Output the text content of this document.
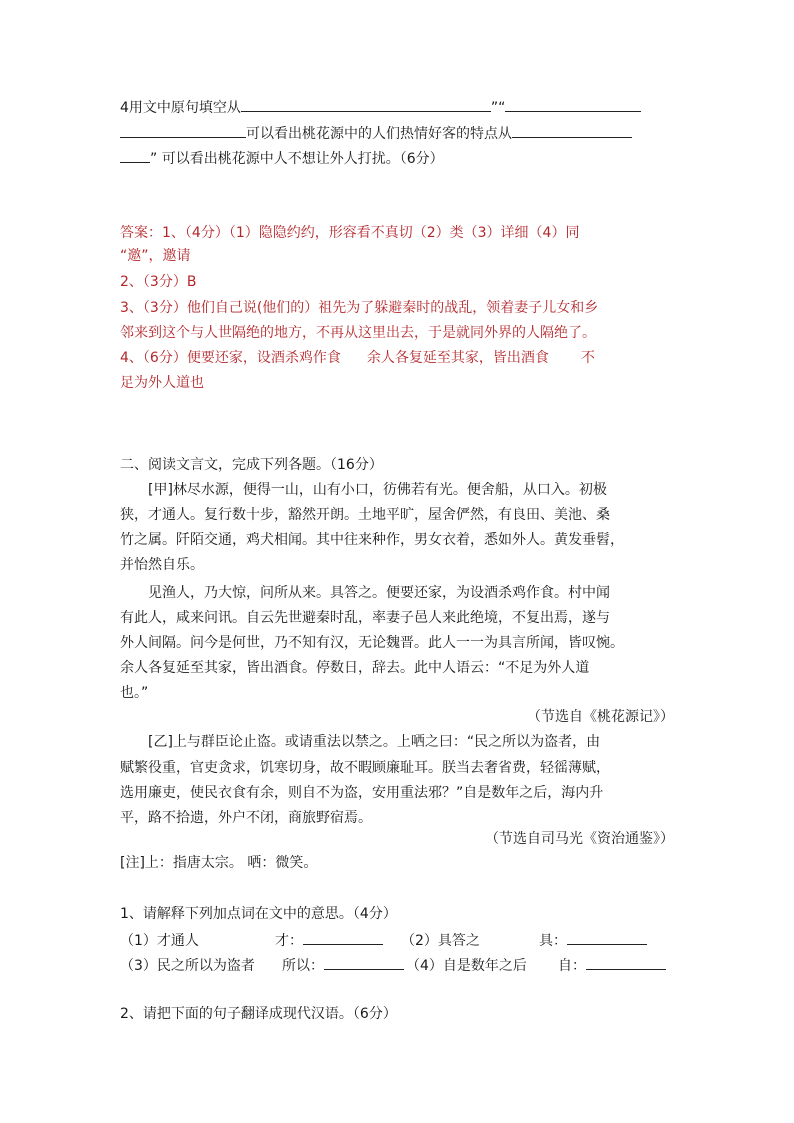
4用文中原句填空从	”“
可以看出桃花源中的人们热情好客的特点从
” 可以看出桃花源中人不想让外人打扰。（6分）
答案：1、（4分）（1）隐隐约约，形容看不真切（2）类（3）详细（4）同
“邀”，邀请
2、（3分）B
3、（3分）他们自己说(他们的）祖先为了躲避秦时的战乱，领着妻子儿女和乡
邻来到这个与人世隔绝的地方，不再从这里出去，于是就同外界的人隔绝了。
4、（6分）便要还家，设酒杀鸡作食 余人各复延至其家，皆出酒食 不
足为外人道也
二、阅读文言文，完成下列各题。（16分）
[甲]林尽水源，便得一山，山有小口，彷佛若有光。便舍船，从口入。初极
狭，才通人。复行数十步，豁然开朗。土地平旷，屋舍俨然，有良田、美池、桑
竹之属。阡陌交通，鸡犬相闻。其中往来种作，男女衣着，悉如外人。黄发垂髫，
并怡然自乐。
见渔人，乃大惊，问所从来。具答之。便要还家，为设酒杀鸡作食。村中闻
有此人，咸来问讯。自云先世避秦时乱，率妻子邑人来此绝境，不复出焉，遂与
外人间隔。问今是何世，乃不知有汉，无论魏晋。此人一一为具言所闻，皆叹惋。
余人各复延至其家，皆出酒食。停数日，辞去。此中人语云：“不足为外人道
也。”
（节选自《桃花源记》）
[乙]上与群臣论止盗。或请重法以禁之。上哂之曰：“民之所以为盗者，由
赋繁役重，官吏贪求，饥寒切身，故不暇顾廉耻耳。朕当去奢省费，轻徭薄赋，
选用廉吏，使民衣食有余，则自不为盗，安用重法邪？”自是数年之后，海内升
平，路不拾遗，外户不闭，商旅野宿焉。
（节选自司马光《资治通鉴》）
[注]上：指唐太宗。 哂：微笑。
1、请解释下列加点词在文中的意思。（4分）
（1）才通人	才：	（2）具答之	具：
（3）民之所以为盗者 所以：	（4）自是数年之后 自：
2、请把下面的句子翻译成现代汉语。（6分）
